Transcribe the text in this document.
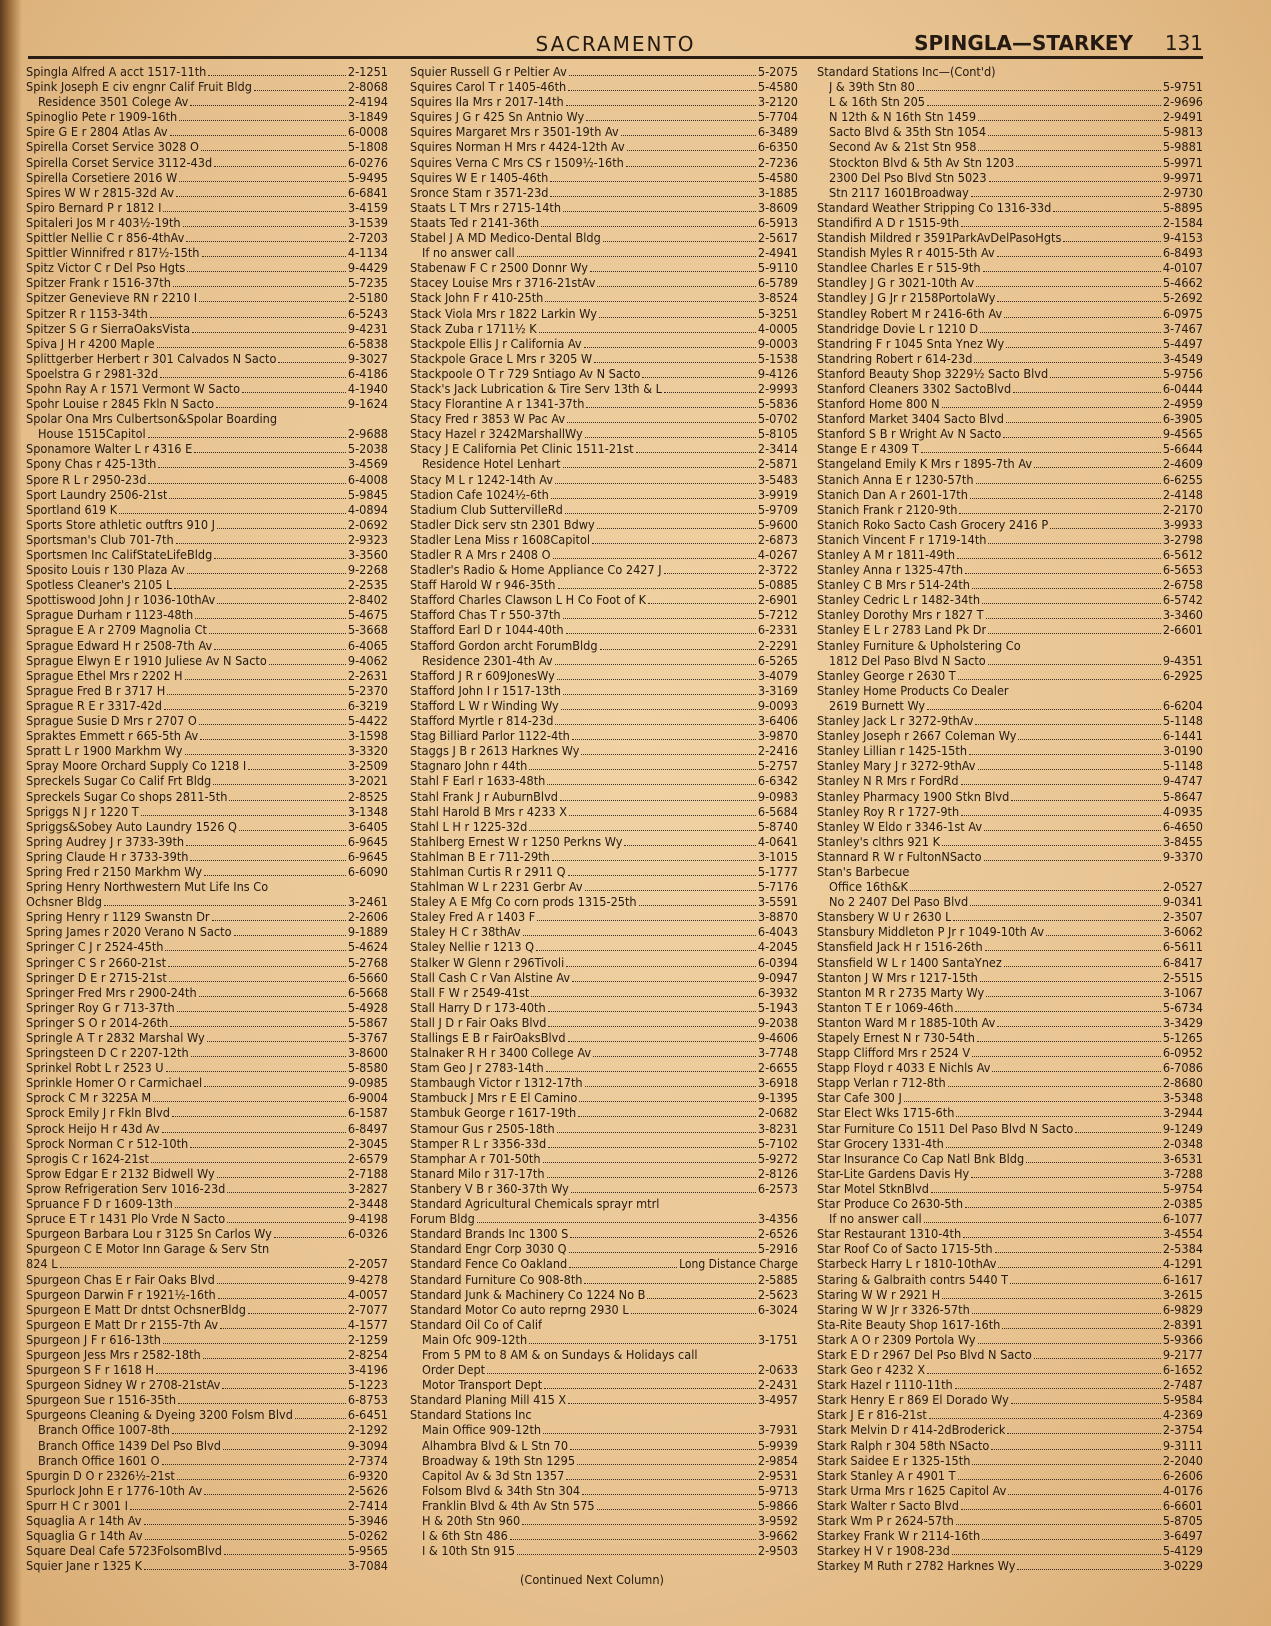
SACRAMENTO	SPINGLA—STARKEY 131
Spingla Alfred A acct 1517-11th	2-1251
Spink Joseph E civ engnr Calif Fruit Bldg	2-8068
Residence 3501 Colege Av	2-4194
Spinoglio Pete r 1909-16th	3-1849
Spire G E r 2804 Atlas Av	6-0008
Spirella Corset Service 3028 O	5-1808
Spirella Corset Service 3112-43d	6-0276
Spirella Corsetiere 2016 W	5-9495
Spires W W r 2815-32d Av	6-6841
Spiro Bernard P r 1812 I	3-4159
Spitaleri Jos M r 403½-19th	3-1539
Spittler Nellie C r 856-4thAv	2-7203
Spittler Winnifred r 817½-15th	4-1134
Spitz Victor C r Del Pso Hgts	9-4429
Spitzer Frank r 1516-37th	5-7235
Spitzer Genevieve RN r 2210 I	2-5180
Spitzer R r 1153-34th	6-5243
Spitzer S G r SierraOaksVista	9-4231
Spiva J H r 4200 Maple	6-5838
Splittgerber Herbert r 301 Calvados N Sacto	9-3027
Spoelstra G r 2981-32d	6-4186
Spohn Ray A r 1571 Vermont W Sacto	4-1940
Spohr Louise r 2845 Fkln N Sacto	9-1624
Spolar Ona Mrs Culbertson&Spolar Boarding
House 1515Capitol	2-9688
Sponamore Walter L r 4316 E	5-2038
Spony Chas r 425-13th	3-4569
Spore R L r 2950-23d	6-4008
Sport Laundry 2506-21st	5-9845
Sportland 619 K	4-0894
Sports Store athletic outftrs 910 J	2-0692
Sportsman's Club 701-7th	2-9323
Sportsmen Inc CalifStateLifeBldg	3-3560
Sposito Louis r 130 Plaza Av	9-2268
Spotless Cleaner's 2105 L	2-2535
Spottiswood John J r 1036-10thAv	2-8402
Sprague Durham r 1123-48th	5-4675
Sprague E A r 2709 Magnolia Ct	5-3668
Sprague Edward H r 2508-7th Av	6-4065
Sprague Elwyn E r 1910 Juliese Av N Sacto	9-4062
Sprague Ethel Mrs r 2202 H	2-2631
Sprague Fred B r 3717 H	5-2370
Sprague R E r 3317-42d	6-3219
Sprague Susie D Mrs r 2707 O	5-4422
Spraktes Emmett r 665-5th Av	3-1598
Spratt L r 1900 Markhm Wy	3-3320
Spray Moore Orchard Supply Co 1218 I	3-2509
Spreckels Sugar Co Calif Frt Bldg	3-2021
Spreckels Sugar Co shops 2811-5th	2-8525
Spriggs N J r 1220 T	3-1348
Spriggs&Sobey Auto Laundry 1526 Q	3-6405
Spring Audrey J r 3733-39th	6-9645
Spring Claude H r 3733-39th	6-9645
Spring Fred r 2150 Markhm Wy	6-6090
Spring Henry Northwestern Mut Life Ins Co
Ochsner Bldg	3-2461
Spring Henry r 1129 Swanstn Dr	2-2606
Spring James r 2020 Verano N Sacto	9-1889
Springer C J r 2524-45th	5-4624
Springer C S r 2660-21st	5-2768
Springer D E r 2715-21st	6-5660
Springer Fred Mrs r 2900-24th	6-5668
Springer Roy G r 713-37th	5-4928
Springer S O r 2014-26th	5-5867
Springle A T r 2832 Marshal Wy	5-3767
Springsteen D C r 2207-12th	3-8600
Sprinkel Robt L r 2523 U	5-8580
Sprinkle Homer O r Carmichael	9-0985
Sprock C M r 3225A M	6-9004
Sprock Emily J r Fkln Blvd	6-1587
Sprock Heijo H r 43d Av	6-8497
Sprock Norman C r 512-10th	2-3045
Sprogis C r 1624-21st	2-6579
Sprow Edgar E r 2132 Bidwell Wy	2-7188
Sprow Refrigeration Serv 1016-23d	3-2827
Spruance F D r 1609-13th	2-3448
Spruce E T r 1431 Plo Vrde N Sacto	9-4198
Spurgeon Barbara Lou r 3125 Sn Carlos Wy	6-0326
Spurgeon C E Motor Inn Garage & Serv Stn
824 L	2-2057
Spurgeon Chas E r Fair Oaks Blvd	9-4278
Spurgeon Darwin F r 1921½-16th	4-0057
Spurgeon E Matt Dr dntst OchsnerBldg	2-7077
Spurgeon E Matt Dr r 2155-7th Av	4-1577
Spurgeon J F r 616-13th	2-1259
Spurgeon Jess Mrs r 2582-18th	2-8254
Spurgeon S F r 1618 H	3-4196
Spurgeon Sidney W r 2708-21stAv	5-1223
Spurgeon Sue r 1516-35th	6-8753
Spurgeons Cleaning & Dyeing 3200 Folsm Blvd	6-6451
Branch Office 1007-8th	2-1292
Branch Office 1439 Del Pso Blvd	9-3094
Branch Office 1601 O	2-7374
Spurgin D O r 2326½-21st	6-9320
Spurlock John E r 1776-10th Av	2-5626
Spurr H C r 3001 I	2-7414
Squaglia A r 14th Av	5-3946
Squaglia G r 14th Av	5-0262
Square Deal Cafe 5723FolsomBlvd	5-9565
Squier Jane r 1325 K	3-7084
Squier Russell G r Peltier Av	5-2075
Squires Carol T r 1405-46th	5-4580
Squires Ila Mrs r 2017-14th	3-2120
Squires J G r 425 Sn Antnio Wy	5-7704
Squires Margaret Mrs r 3501-19th Av	6-3489
Squires Norman H Mrs r 4424-12th Av	6-6350
Squires Verna C Mrs CS r 1509½-16th	2-7236
Squires W E r 1405-46th	5-4580
Sronce Stam r 3571-23d	3-1885
Staats L T Mrs r 2715-14th	3-8609
Staats Ted r 2141-36th	6-5913
Stabel J A MD Medico-Dental Bldg	2-5617
If no answer call	2-4941
Stabenaw F C r 2500 Donnr Wy	5-9110
Stacey Louise Mrs r 3716-21stAv	6-5789
Stack John F r 410-25th	3-8524
Stack Viola Mrs r 1822 Larkin Wy	5-3251
Stack Zuba r 1711½ K	4-0005
Stackpole Ellis J r California Av	9-0003
Stackpole Grace L Mrs r 3205 W	5-1538
Stackpoole O T r 729 Sntiago Av N Sacto	9-4126
Stack's Jack Lubrication & Tire Serv 13th & L	2-9993
Stacy Florantine A r 1341-37th	5-5836
Stacy Fred r 3853 W Pac Av	5-0702
Stacy Hazel r 3242MarshallWy	5-8105
Stacy J E California Pet Clinic 1511-21st	2-3414
Residence Hotel Lenhart	2-5871
Stacy M L r 1242-14th Av	3-5483
Stadion Cafe 1024½-6th	3-9919
Stadium Club SuttervilleRd	5-9709
Stadler Dick serv stn 2301 Bdwy	5-9600
Stadler Lena Miss r 1608Capitol	2-6873
Stadler R A Mrs r 2408 O	4-0267
Stadler's Radio & Home Appliance Co 2427 J	2-3722
Staff Harold W r 946-35th	5-0885
Stafford Charles Clawson L H Co Foot of K	2-6901
Stafford Chas T r 550-37th	5-7212
Stafford Earl D r 1044-40th	6-2331
Stafford Gordon archt ForumBldg	2-2291
Residence 2301-4th Av	6-5265
Stafford J R r 609JonesWy	3-4079
Stafford John I r 1517-13th	3-3169
Stafford L W r Winding Wy	9-0093
Stafford Myrtle r 814-23d	3-6406
Stag Billiard Parlor 1122-4th	3-9870
Staggs J B r 2613 Harknes Wy	2-2416
Stagnaro John r 44th	5-2757
Stahl F Earl r 1633-48th	6-6342
Stahl Frank J r AuburnBlvd	9-0983
Stahl Harold B Mrs r 4233 X	6-5684
Stahl L H r 1225-32d	5-8740
Stahlberg Ernest W r 1250 Perkns Wy	4-0641
Stahlman B E r 711-29th	3-1015
Stahlman Curtis R r 2911 Q	5-1777
Stahlman W L r 2231 Gerbr Av	5-7176
Staley A E Mfg Co corn prods 1315-25th	3-5591
Staley Fred A r 1403 F	3-8870
Staley H C r 38thAv	6-4043
Staley Nellie r 1213 Q	4-2045
Stalker W Glenn r 296Tivoli	6-0394
Stall Cash C r Van Alstine Av	9-0947
Stall F W r 2549-41st	6-3932
Stall Harry D r 173-40th	5-1943
Stall J D r Fair Oaks Blvd	9-2038
Stallings E B r FairOaksBlvd	9-4606
Stalnaker R H r 3400 College Av	3-7748
Stam Geo J r 2783-14th	2-6655
Stambaugh Victor r 1312-17th	3-6918
Stambuck J Mrs r E El Camino	9-1395
Stambuk George r 1617-19th	2-0682
Stamour Gus r 2505-18th	3-8231
Stamper R L r 3356-33d	5-7102
Stamphar A r 701-50th	5-9272
Stanard Milo r 317-17th	2-8126
Stanbery V B r 360-37th Wy	6-2573
Standard Agricultural Chemicals sprayr mtrl
Forum Bldg	3-4356
Standard Brands Inc 1300 S	2-6526
Standard Engr Corp 3030 Q	5-2916
Standard Fence Co Oakland	Long Distance Charge
Standard Furniture Co 908-8th	2-5885
Standard Junk & Machinery Co 1224 No B	2-5623
Standard Motor Co auto reprng 2930 L	6-3024
Standard Oil Co of Calif
Main Ofc 909-12th	3-1751
From 5 PM to 8 AM & on Sundays & Holidays call
Order Dept	2-0633
Motor Transport Dept	2-2431
Standard Planing Mill 415 X	3-4957
Standard Stations Inc
Main Office 909-12th	3-7931
Alhambra Blvd & L Stn 70	5-9939
Broadway & 19th Stn 1295	2-9854
Capitol Av & 3d Stn 1357	2-9531
Folsom Blvd & 34th Stn 304	5-9713
Franklin Blvd & 4th Av Stn 575	5-9866
H & 20th Stn 960	3-9592
I & 6th Stn 486	3-9662
I & 10th Stn 915	2-9503
Standard Stations Inc—(Cont'd)
J & 39th Stn 80	5-9751
L & 16th Stn 205	2-9696
N 12th & N 16th Stn 1459	2-9491
Sacto Blvd & 35th Stn 1054	5-9813
Second Av & 21st Stn 958	5-9881
Stockton Blvd & 5th Av Stn 1203	5-9971
2300 Del Pso Blvd Stn 5023	9-9971
Stn 2117 1601Broadway	2-9730
Standard Weather Stripping Co 1316-33d	5-8895
Standifird A D r 1515-9th	2-1584
Standish Mildred r 3591ParkAvDelPasoHgts	9-4153
Standish Myles R r 4015-5th Av	6-8493
Standlee Charles E r 515-9th	4-0107
Standley J G r 3021-10th Av	5-4662
Standley J G Jr r 2158PortolaWy	5-2692
Standley Robert M r 2416-6th Av	6-0975
Standridge Dovie L r 1210 D	3-7467
Standring F r 1045 Snta Ynez Wy	5-4497
Standring Robert r 614-23d	3-4549
Stanford Beauty Shop 3229½ Sacto Blvd	5-9756
Stanford Cleaners 3302 SactoBlvd	6-0444
Stanford Home 800 N	2-4959
Stanford Market 3404 Sacto Blvd	6-3905
Stanford S B r Wright Av N Sacto	9-4565
Stange E r 4309 T	5-6644
Stangeland Emily K Mrs r 1895-7th Av	2-4609
Stanich Anna E r 1230-57th	6-6255
Stanich Dan A r 2601-17th	2-4148
Stanich Frank r 2120-9th	2-2170
Stanich Roko Sacto Cash Grocery 2416 P	3-9933
Stanich Vincent F r 1719-14th	3-2798
Stanley A M r 1811-49th	6-5612
Stanley Anna r 1325-47th	6-5653
Stanley C B Mrs r 514-24th	2-6758
Stanley Cedric L r 1482-34th	6-5742
Stanley Dorothy Mrs r 1827 T	3-3460
Stanley E L r 2783 Land Pk Dr	2-6601
Stanley Furniture & Upholstering Co
1812 Del Paso Blvd N Sacto	9-4351
Stanley George r 2630 T	6-2925
Stanley Home Products Co Dealer
2619 Burnett Wy	6-6204
Stanley Jack L r 3272-9thAv	5-1148
Stanley Joseph r 2667 Coleman Wy	6-1441
Stanley Lillian r 1425-15th	3-0190
Stanley Mary J r 3272-9thAv	5-1148
Stanley N R Mrs r FordRd	9-4747
Stanley Pharmacy 1900 Stkn Blvd	5-8647
Stanley Roy R r 1727-9th	4-0935
Stanley W Eldo r 3346-1st Av	6-4650
Stanley's clthrs 921 K	3-8455
Stannard R W r FultonNSacto	9-3370
Stan's Barbecue
Office 16th&K	2-0527
No 2 2407 Del Paso Blvd	9-0341
Stansbery W U r 2630 L	2-3507
Stansbury Middleton P Jr r 1049-10th Av	3-6062
Stansfield Jack H r 1516-26th	6-5611
Stansfield W L r 1400 SantaYnez	6-8417
Stanton J W Mrs r 1217-15th	2-5515
Stanton M R r 2735 Marty Wy	3-1067
Stanton T E r 1069-46th	5-6734
Stanton Ward M r 1885-10th Av	3-3429
Stapely Ernest N r 730-54th	5-1265
Stapp Clifford Mrs r 2524 V	6-0952
Stapp Floyd r 4033 E Nichls Av	6-7086
Stapp Verlan r 712-8th	2-8680
Star Cafe 300 J	3-5348
Star Elect Wks 1715-6th	3-2944
Star Furniture Co 1511 Del Paso Blvd N Sacto	9-1249
Star Grocery 1331-4th	2-0348
Star Insurance Co Cap Natl Bnk Bldg	3-6531
Star-Lite Gardens Davis Hy	3-7288
Star Motel StknBlvd	5-9754
Star Produce Co 2630-5th	2-0385
If no answer call	6-1077
Star Restaurant 1310-4th	3-4554
Star Roof Co of Sacto 1715-5th	2-5384
Starbeck Harry L r 1810-10thAv	4-1291
Staring & Galbraith contrs 5440 T	6-1617
Staring W W r 2921 H	3-2615
Staring W W Jr r 3326-57th	6-9829
Sta-Rite Beauty Shop 1617-16th	2-8391
Stark A O r 2309 Portola Wy	5-9366
Stark E D r 2967 Del Pso Blvd N Sacto	9-2177
Stark Geo r 4232 X	6-1652
Stark Hazel r 1110-11th	2-7487
Stark Henry E r 869 El Dorado Wy	5-9584
Stark J E r 816-21st	4-2369
Stark Melvin D r 414-2dBroderick	2-3754
Stark Ralph r 304 58th NSacto	9-3111
Stark Saidee E r 1325-15th	2-2040
Stark Stanley A r 4901 T	6-2606
Stark Urma Mrs r 1625 Capitol Av	4-0176
Stark Walter r Sacto Blvd	6-6601
Stark Wm P r 2624-57th	5-8705
Starkey Frank W r 2114-16th	3-6497
Starkey H V r 1908-23d	5-4129
Starkey M Ruth r 2782 Harknes Wy	3-0229
(Continued Next Column)
